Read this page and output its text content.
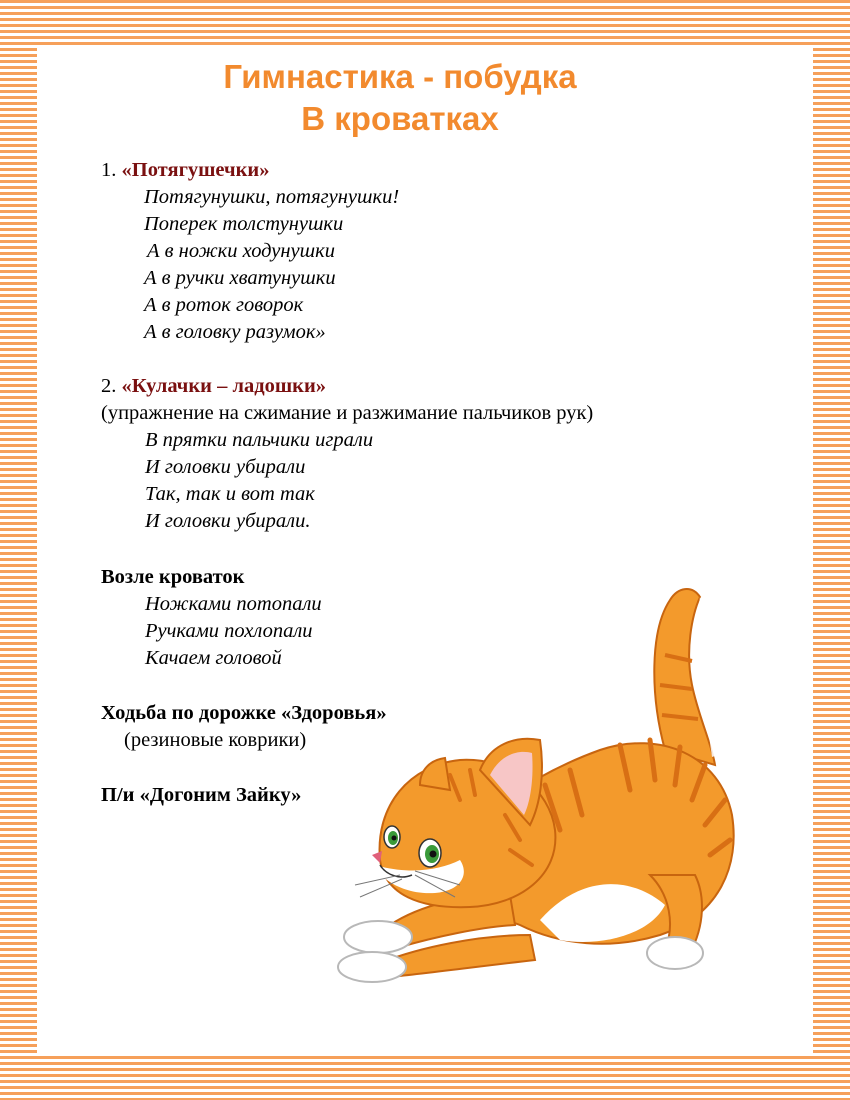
Гимнастика - побудка
В кроватках
1. «Потягушечки»
Потягунушки, потягунушки!
Поперек толстунушки
А в ножки ходунушки
А в ручки хватунушки
А в роток говорок
А в головку разумок»
2. «Кулачки – ладошки»
(упражнение на сжимание и разжимание пальчиков рук)
В прятки пальчики играли
И головки убирали
Так, так и вот так
И головки убирали.
Возле кроваток
Ножками потопали
Ручками похлопали
Качаем головой
Ходьба по дорожке «Здоровья»
(резиновые коврики)
П/и «Догоним Зайку»
